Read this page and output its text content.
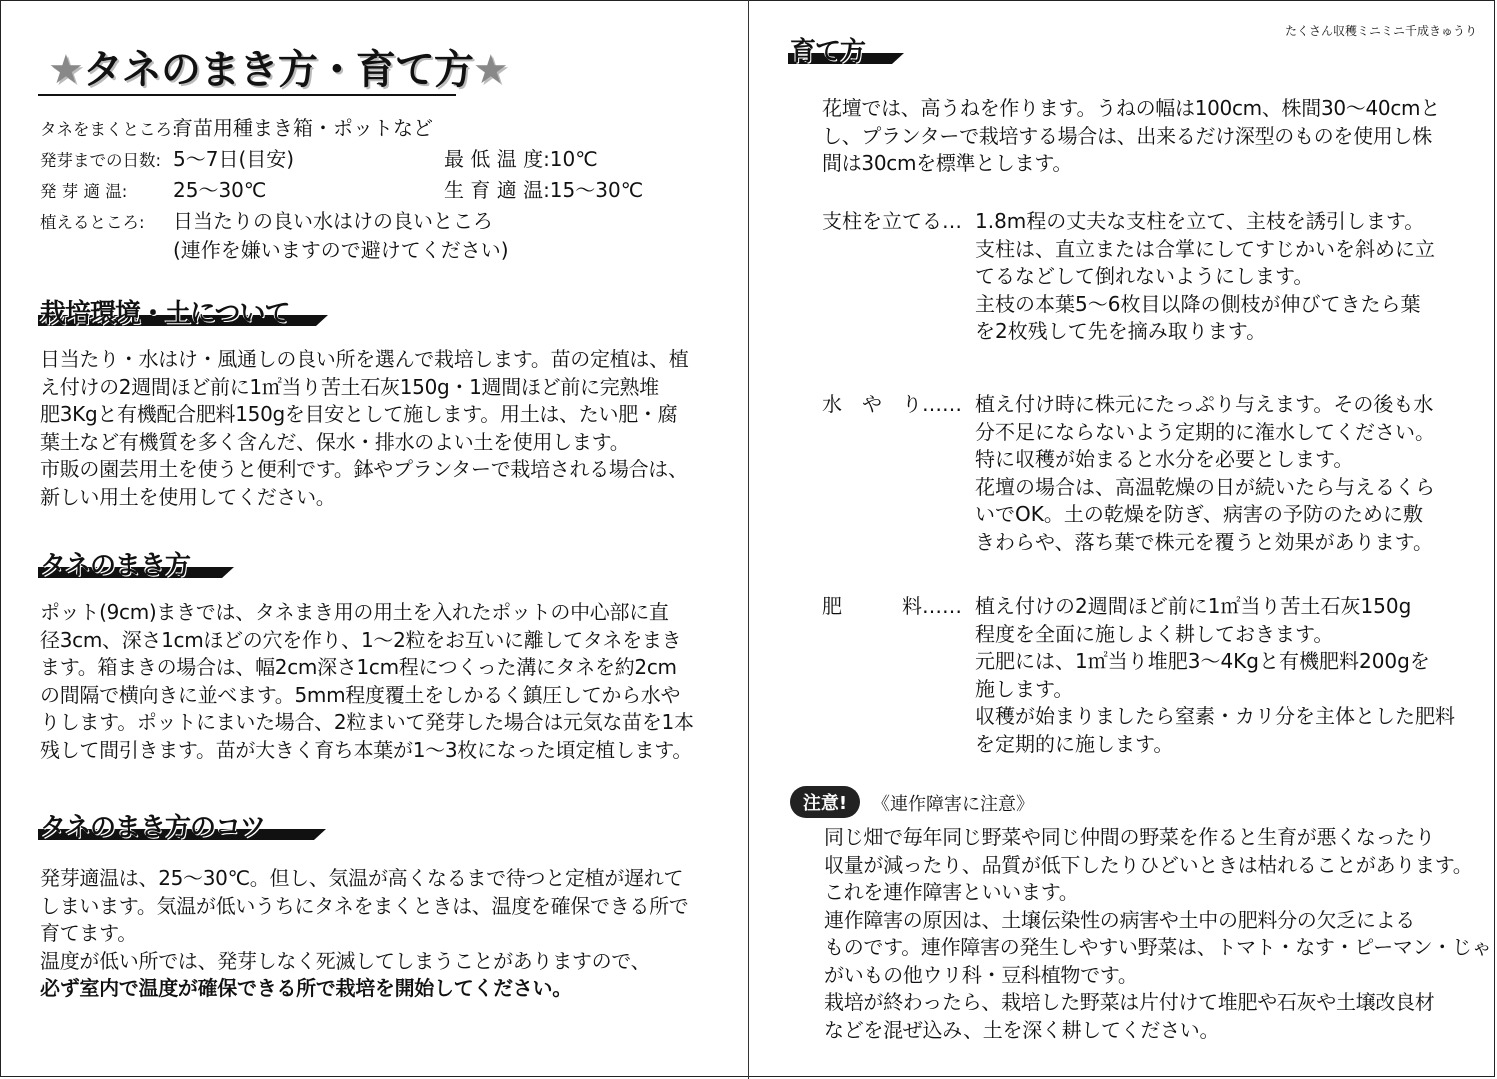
★タネのまき方・育て方★
タネをまくところ:育苗用種まき箱・ポットなど
発芽までの日数: 5〜7日(目安)	最 低 温 度:10℃
発 芽 適 温: 25〜30℃	生 育 適 温:15〜30℃
植えるところ: 日当たりの良い水はけの良いところ
(連作を嫌いますので避けてください)
栽培環境・土について

日当たり・水はけ・風通しの良い所を選んで栽培します。苗の定植は、植

え付けの2週間ほど前に1㎡当り苦土石灰150g・1週間ほど前に完熟堆

肥3Kgと有機配合肥料150gを目安として施します。用土は、たい肥・腐

葉土など有機質を多く含んだ、保水・排水のよい土を使用します。

市販の園芸用土を使うと便利です。鉢やプランターで栽培される場合は、

新しい用土を使用してください。

タネのまき方

ポット(9cm)まきでは、タネまき用の用土を入れたポットの中心部に直

径3cm、深さ1cmほどの穴を作り、1〜2粒をお互いに離してタネをまき

ます。箱まきの場合は、幅2cm深さ1cm程につくった溝にタネを約2cm

の間隔で横向きに並べます。5mm程度覆土をしかるく鎮圧してから水や

りします。ポットにまいた場合、2粒まいて発芽した場合は元気な苗を1本

残して間引きます。苗が大きく育ち本葉が1〜3枚になった頃定植します。

タネのまき方のコツ

発芽適温は、25〜30℃。但し、気温が高くなるまで待つと定植が遅れて

しまいます。気温が低いうちにタネをまくときは、温度を確保できる所で

育てます。

温度が低い所では、発芽しなく死滅してしまうことがありますので、

必ず室内で温度が確保できる所で栽培を開始してください。

たくさん収穫ミニミニ千成きゅうり
育て方

花壇では、高うねを作ります。うねの幅は100cm、株間30〜40cmと

し、プランターで栽培する場合は、出来るだけ深型のものを使用し株

間は30cmを標準とします。

支柱を立てる… 1.8m程の丈夫な支柱を立て、主枝を誘引します。

支柱は、直立または合掌にしてすじかいを斜めに立

てるなどして倒れないようにします。

主枝の本葉5〜6枚目以降の側枝が伸びてきたら葉

を2枚残して先を摘み取ります。

水　や　り…… 植え付け時に株元にたっぷり与えます。その後も水

分不足にならないよう定期的に潅水してください。

特に収穫が始まると水分を必要とします。

花壇の場合は、高温乾燥の日が続いたら与えるくら

いでOK。土の乾燥を防ぎ、病害の予防のために敷

きわらや、落ち葉で株元を覆うと効果があります。

肥　　　料…… 植え付けの2週間ほど前に1㎡当り苦土石灰150g

程度を全面に施しよく耕しておきます。

元肥には、1㎡当り堆肥3〜4Kgと有機肥料200gを

施します。

収穫が始まりましたら窒素・カリ分を主体とした肥料

を定期的に施します。

注意!	《連作障害に注意》

同じ畑で毎年同じ野菜や同じ仲間の野菜を作ると生育が悪くなったり

収量が減ったり、品質が低下したりひどいときは枯れることがあります。

これを連作障害といいます。

連作障害の原因は、土壌伝染性の病害や土中の肥料分の欠乏による

ものです。連作障害の発生しやすい野菜は、トマト・なす・ピーマン・じゃ

がいもの他ウリ科・豆科植物です。

栽培が終わったら、栽培した野菜は片付けて堆肥や石灰や土壌改良材

などを混ぜ込み、土を深く耕してください。
